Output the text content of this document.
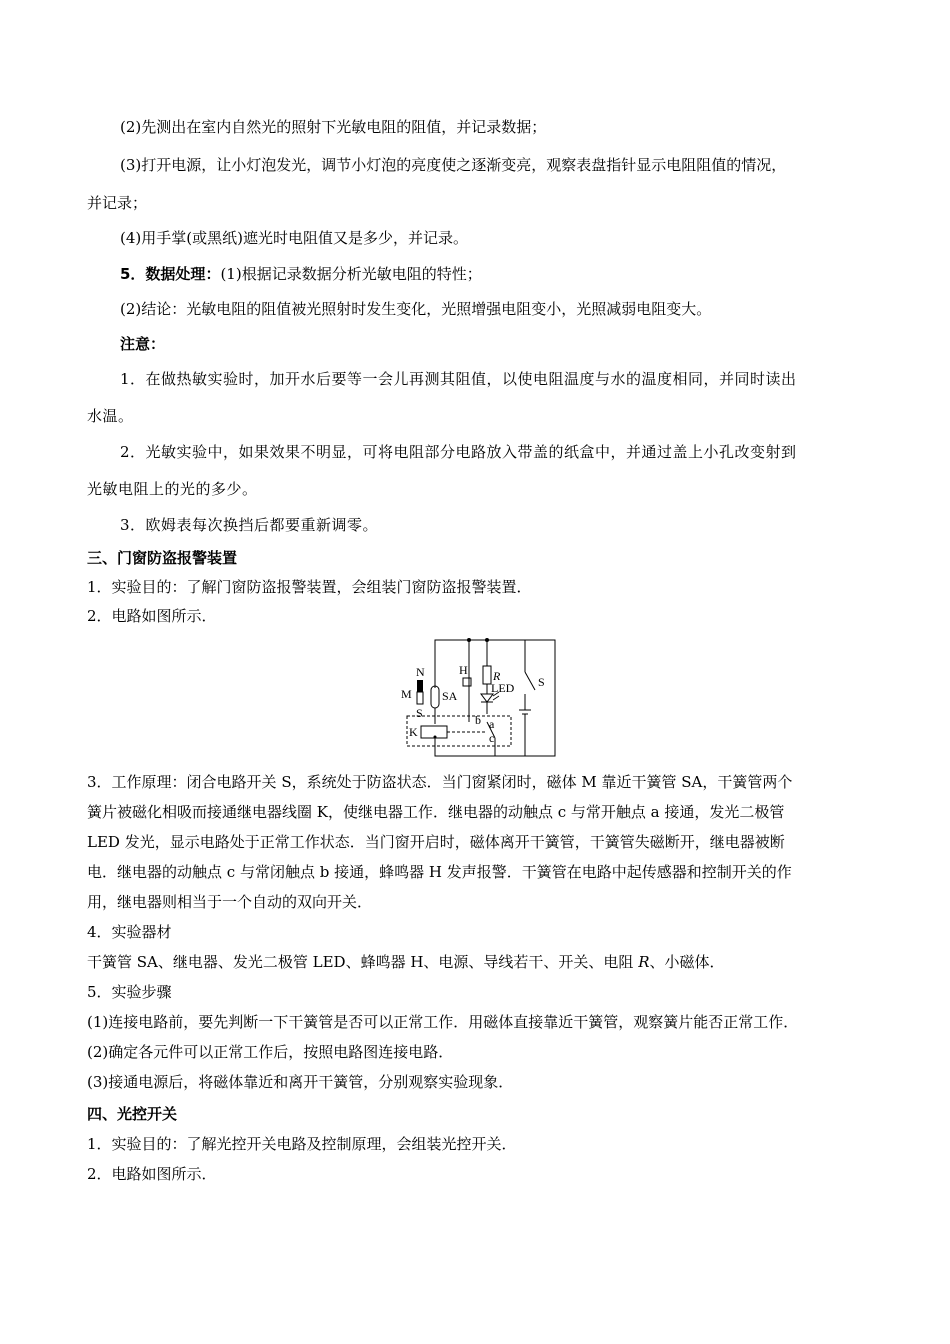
(2)先测出在室内自然光的照射下光敏电阻的阻值，并记录数据；
(3)打开电源，让小灯泡发光，调节小灯泡的亮度使之逐渐变亮，观察表盘指针显示电阻阻值的情况，
并记录；
(4)用手掌(或黑纸)遮光时电阻值又是多少，并记录。
5．数据处理：(1)根据记录数据分析光敏电阻的特性；
(2)结论：光敏电阻的阻值被光照射时发生变化，光照增强电阻变小，光照减弱电阻变大。
注意：
1．在做热敏实验时，加开水后要等一会儿再测其阻值，以使电阻温度与水的温度相同，并同时读出
水温。
2．光敏实验中，如果效果不明显，可将电阻部分电路放入带盖的纸盒中，并通过盖上小孔改变射到
光敏电阻上的光的多少。
3．欧姆表每次换挡后都要重新调零。
三、门窗防盗报警装置
1．实验目的：了解门窗防盗报警装置，会组装门窗防盗报警装置．
2．电路如图所示．
N
M
S
SA
H R
LED S
a
b
c
K
3．工作原理：闭合电路开关 S，系统处于防盗状态．当门窗紧闭时，磁体 M 靠近干簧管 SA，干簧管两个
簧片被磁化相吸而接通继电器线圈 K，使继电器工作．继电器的动触点 c 与常开触点 a 接通，发光二极管
LED 发光，显示电路处于正常工作状态．当门窗开启时，磁体离开干簧管，干簧管失磁断开，继电器被断
电．继电器的动触点 c 与常闭触点 b 接通，蜂鸣器 H 发声报警．干簧管在电路中起传感器和控制开关的作
用，继电器则相当于一个自动的双向开关．
4．实验器材
干簧管 SA、继电器、发光二极管 LED、蜂鸣器 H、电源、导线若干、开关、电阻 R、小磁体．
5．实验步骤
(1)连接电路前，要先判断一下干簧管是否可以正常工作．用磁体直接靠近干簧管，观察簧片能否正常工作．
(2)确定各元件可以正常工作后，按照电路图连接电路．
(3)接通电源后，将磁体靠近和离开干簧管，分别观察实验现象．
四、光控开关
1．实验目的：了解光控开关电路及控制原理，会组装光控开关．
2．电路如图所示．
